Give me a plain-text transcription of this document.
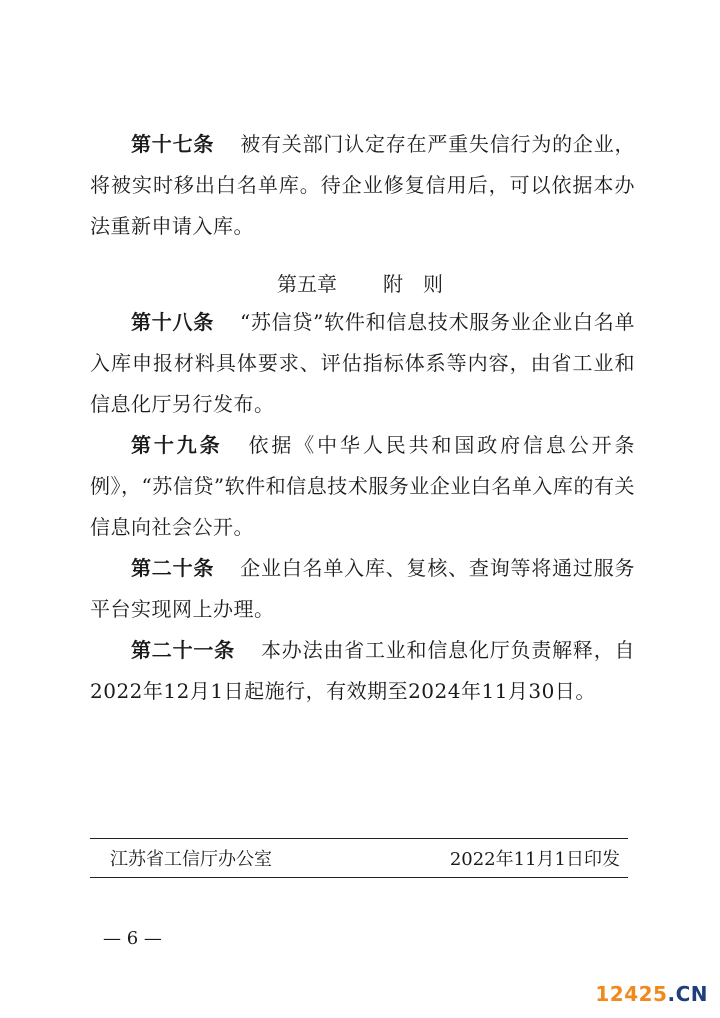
第十七条 被有关部门认定存在严重失信行为的企业，将被实时移出白名单库。待企业修复信用后，可以依据本办法重新申请入库。

第五章 附　则

第十八条 “苏信贷”软件和信息技术服务业企业白名单入库申报材料具体要求、评估指标体系等内容，由省工业和信息化厅另行发布。

第十九条 依据《中华人民共和国政府信息公开条例》，“苏信贷”软件和信息技术服务业企业白名单入库的有关信息向社会公开。

第二十条 企业白名单入库、复核、查询等将通过服务平台实现网上办理。

第二十一条 本办法由省工业和信息化厅负责解释，自2022年12月1日起施行，有效期至2024年11月30日。

江苏省工信厅办公室	2022年11月1日印发
— 6 —
12425.CN
